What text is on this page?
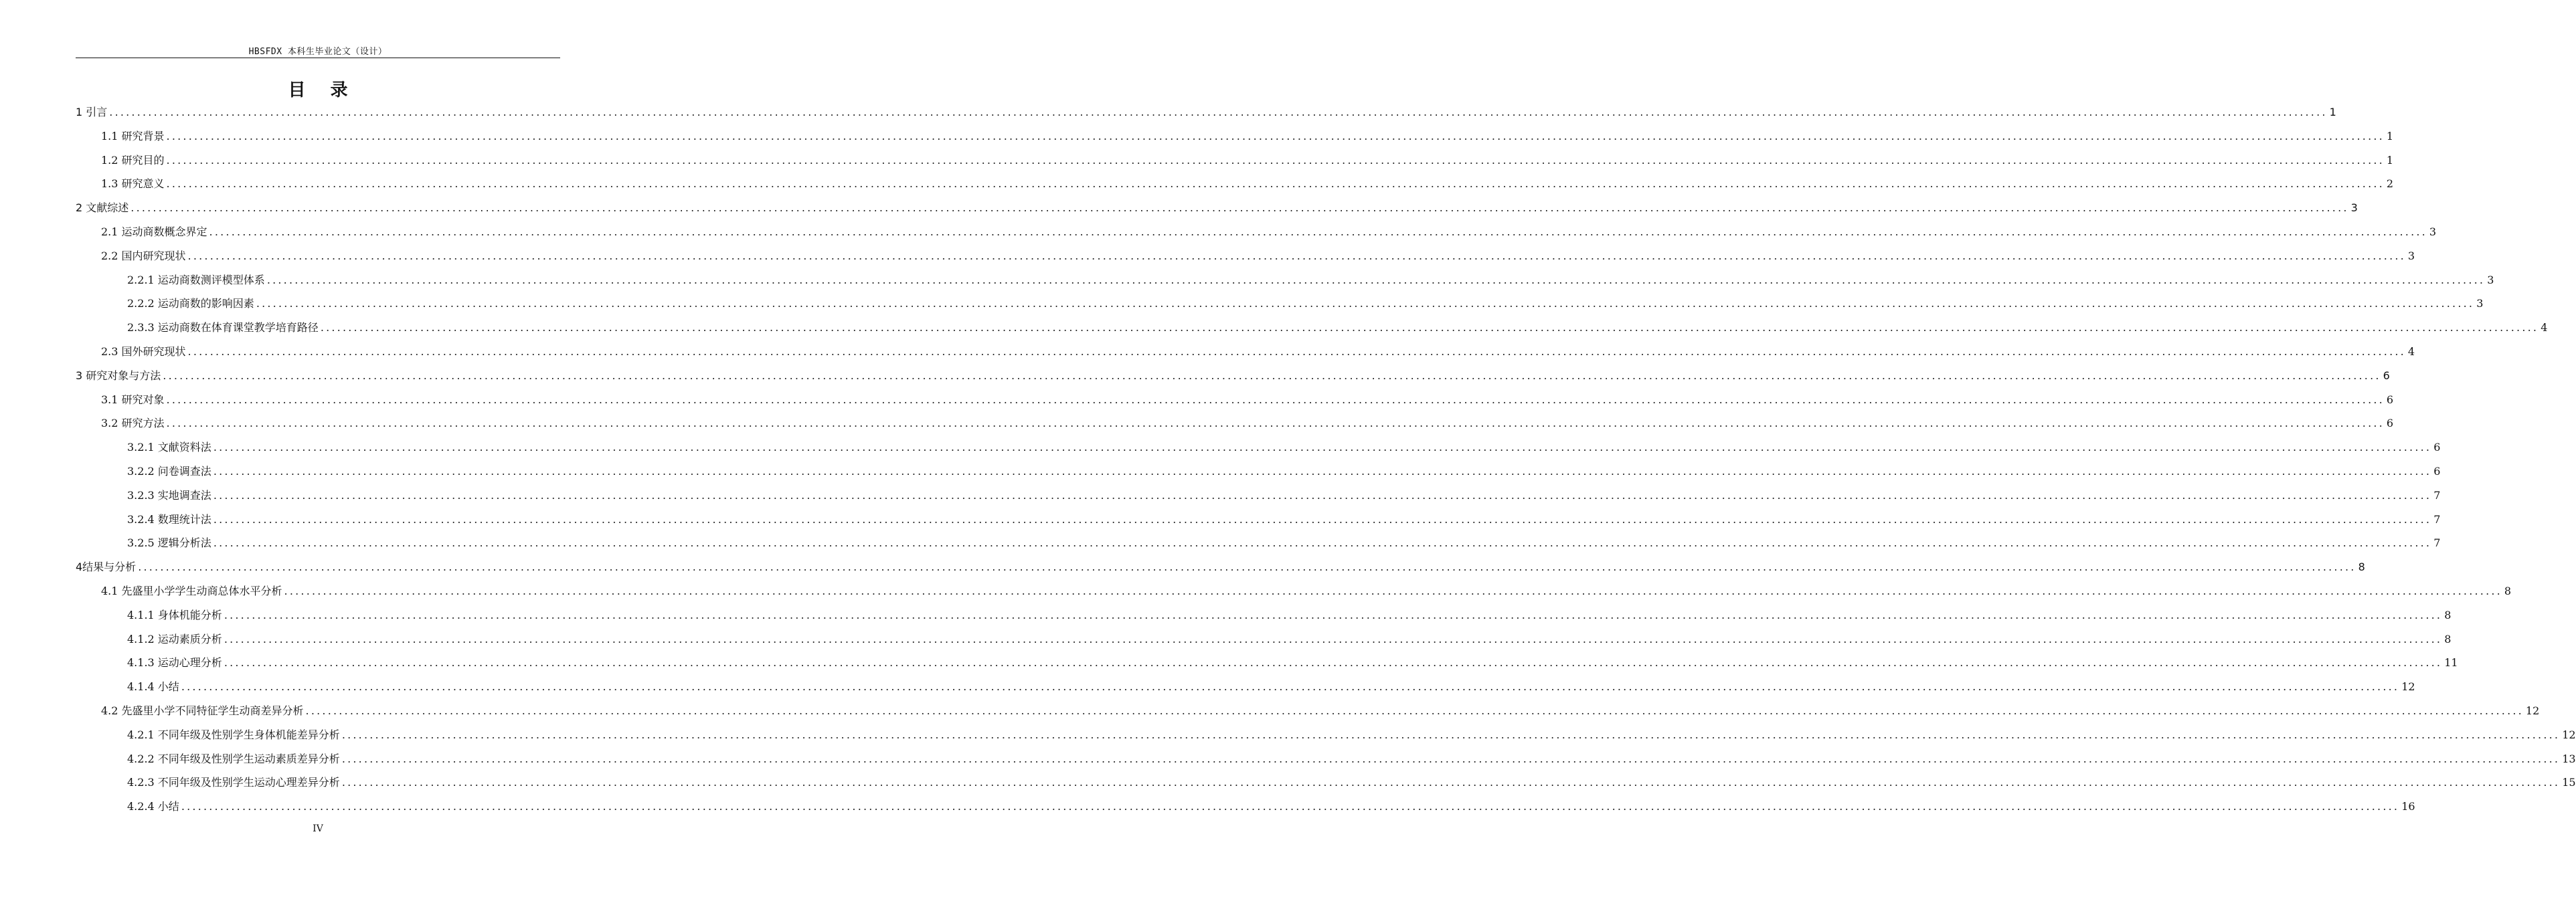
HBSFDX 本科生毕业论文（设计）
目 录
1 引言 ................................................................................................................................................................................................................................................................................................................................................................................................................ 1
1.1 研究背景 ................................................................................................................................................................................................................................................................................................................................................................................................................ 1
1.2 研究目的 ................................................................................................................................................................................................................................................................................................................................................................................................................ 1
1.3 研究意义 ................................................................................................................................................................................................................................................................................................................................................................................................................ 2
2 文献综述 ................................................................................................................................................................................................................................................................................................................................................................................................................ 3
2.1 运动商数概念界定 ................................................................................................................................................................................................................................................................................................................................................................................................................ 3
2.2 国内研究现状 ................................................................................................................................................................................................................................................................................................................................................................................................................ 3
2.2.1 运动商数测评模型体系 ................................................................................................................................................................................................................................................................................................................................................................................................................ 3
2.2.2 运动商数的影响因素 ................................................................................................................................................................................................................................................................................................................................................................................................................ 3
2.3.3 运动商数在体育课堂教学培育路径 ................................................................................................................................................................................................................................................................................................................................................................................................................ 4
2.3 国外研究现状 ................................................................................................................................................................................................................................................................................................................................................................................................................ 4
3 研究对象与方法 ................................................................................................................................................................................................................................................................................................................................................................................................................ 6
3.1 研究对象 ................................................................................................................................................................................................................................................................................................................................................................................................................ 6
3.2 研究方法 ................................................................................................................................................................................................................................................................................................................................................................................................................ 6
3.2.1 文献资料法 ................................................................................................................................................................................................................................................................................................................................................................................................................ 6
3.2.2 问卷调查法 ................................................................................................................................................................................................................................................................................................................................................................................................................ 6
3.2.3 实地调查法 ................................................................................................................................................................................................................................................................................................................................................................................................................ 7
3.2.4 数理统计法 ................................................................................................................................................................................................................................................................................................................................................................................................................ 7
3.2.5 逻辑分析法 ................................................................................................................................................................................................................................................................................................................................................................................................................ 7
4结果与分析 ................................................................................................................................................................................................................................................................................................................................................................................................................ 8
4.1 先盛里小学学生动商总体水平分析 ................................................................................................................................................................................................................................................................................................................................................................................................................ 8
4.1.1 身体机能分析 ................................................................................................................................................................................................................................................................................................................................................................................................................ 8
4.1.2 运动素质分析 ................................................................................................................................................................................................................................................................................................................................................................................................................ 8
4.1.3 运动心理分析 ................................................................................................................................................................................................................................................................................................................................................................................................................ 11
4.1.4 小结 ................................................................................................................................................................................................................................................................................................................................................................................................................ 12
4.2 先盛里小学不同特征学生动商差异分析 ................................................................................................................................................................................................................................................................................................................................................................................................................ 12
4.2.1 不同年级及性别学生身体机能差异分析 ................................................................................................................................................................................................................................................................................................................................................................................................................ 12
4.2.2 不同年级及性别学生运动素质差异分析 ................................................................................................................................................................................................................................................................................................................................................................................................................ 13
4.2.3 不同年级及性别学生运动心理差异分析 ................................................................................................................................................................................................................................................................................................................................................................................................................ 15
4.2.4 小结 ................................................................................................................................................................................................................................................................................................................................................................................................................ 16
IV
